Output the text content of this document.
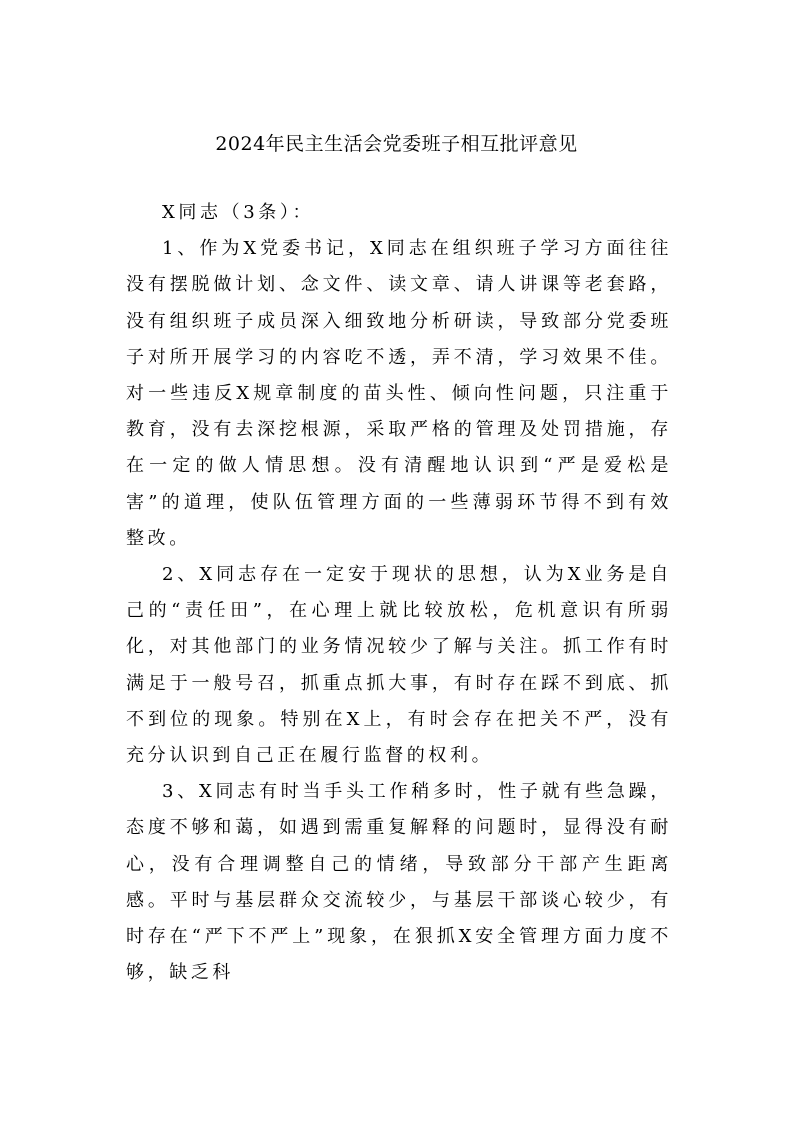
2024年民主生活会党委班子相互批评意见

X同志（3条）：

1、作为X党委书记，X同志在组织班子学习方面往往没有摆脱做计划、念文件、读文章、请人讲课等老套路，没有组织班子成员深入细致地分析研读，导致部分党委班子对所开展学习的内容吃不透，弄不清，学习效果不佳。对一些违反X规章制度的苗头性、倾向性问题，只注重于教育，没有去深挖根源，采取严格的管理及处罚措施，存在一定的做人情思想。没有清醒地认识到“严是爱松是害”的道理，使队伍管理方面的一些薄弱环节得不到有效整改。

2、X同志存在一定安于现状的思想，认为X业务是自己的“责任田”，在心理上就比较放松，危机意识有所弱化，对其他部门的业务情况较少了解与关注。抓工作有时满足于一般号召，抓重点抓大事，有时存在踩不到底、抓不到位的现象。特别在X上，有时会存在把关不严，没有充分认识到自己正在履行监督的权利。

3、X同志有时当手头工作稍多时，性子就有些急躁，态度不够和蔼，如遇到需重复解释的问题时，显得没有耐心，没有合理调整自己的情绪，导致部分干部产生距离感。平时与基层群众交流较少，与基层干部谈心较少，有时存在“严下不严上”现象，在狠抓X安全管理方面力度不够，缺乏科
